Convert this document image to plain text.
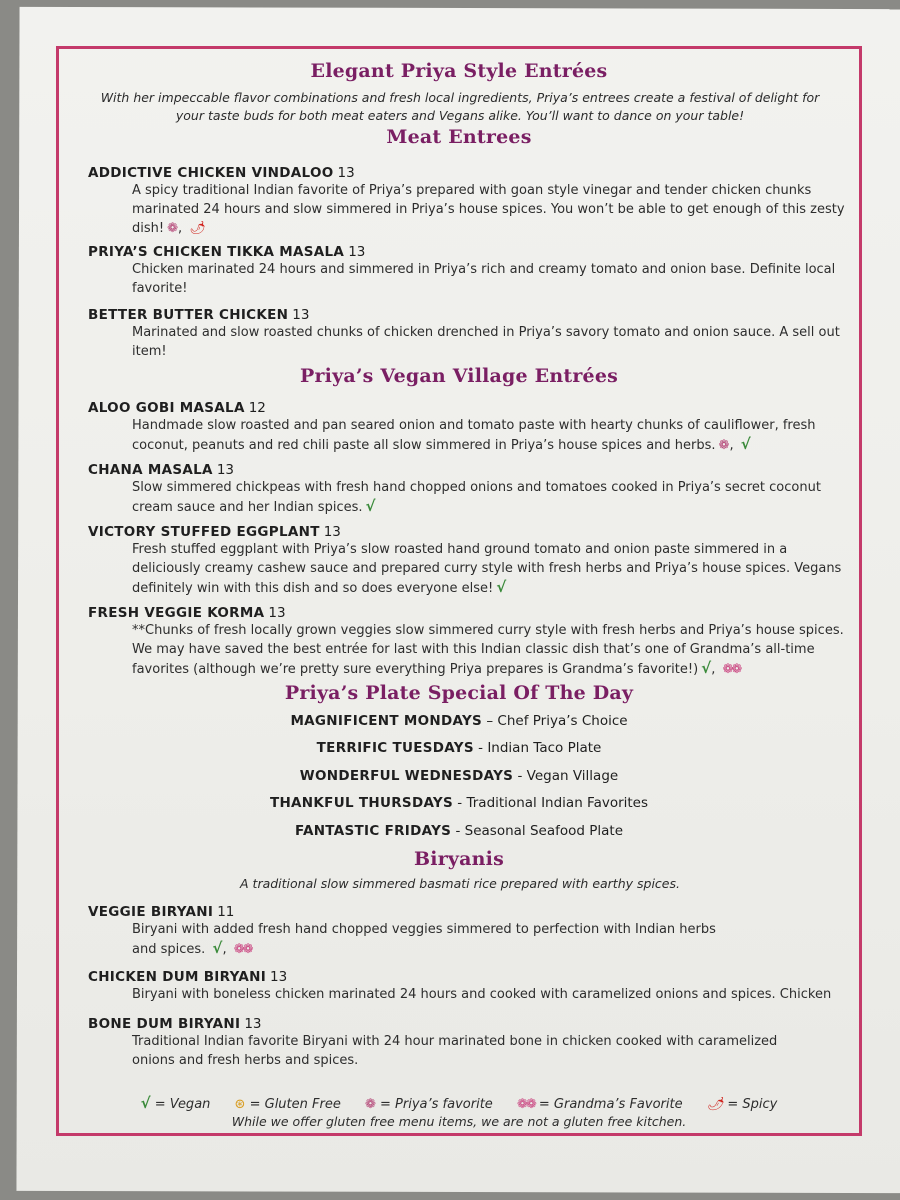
Elegant Priya Style Entrées
With her impeccable flavor combinations and fresh local ingredients, Priya’s entrees create a festival of delight for your taste buds for both meat eaters and Vegans alike. You’ll want to dance on your table!
Meat Entrees
ADDICTIVE CHICKEN VINDALOO 13
A spicy traditional Indian favorite of Priya’s prepared with goan style vinegar and tender chicken chunks marinated 24 hours and slow simmered in Priya’s house spices. You won’t be able to get enough of this zesty dish! ❁, 🌶
PRIYA’S CHICKEN TIKKA MASALA 13
Chicken marinated 24 hours and simmered in Priya’s rich and creamy tomato and onion base. Definite local favorite!
BETTER BUTTER CHICKEN 13
Marinated and slow roasted chunks of chicken drenched in Priya’s savory tomato and onion sauce. A sell out item!
Priya’s Vegan Village Entrées
ALOO GOBI MASALA 12
Handmade slow roasted and pan seared onion and tomato paste with hearty chunks of cauliflower, fresh coconut, peanuts and red chili paste all slow simmered in Priya’s house spices and herbs. ❁, √
CHANA MASALA 13
Slow simmered chickpeas with fresh hand chopped onions and tomatoes cooked in Priya’s secret coconut cream sauce and her Indian spices. √
VICTORY STUFFED EGGPLANT 13
Fresh stuffed eggplant with Priya’s slow roasted hand ground tomato and onion paste simmered in a deliciously creamy cashew sauce and prepared curry style with fresh herbs and Priya’s house spices. Vegans definitely win with this dish and so does everyone else! √
FRESH VEGGIE KORMA 13
**Chunks of fresh locally grown veggies slow simmered curry style with fresh herbs and Priya’s house spices. We may have saved the best entrée for last with this Indian classic dish that’s one of Grandma’s all-time favorites (although we’re pretty sure everything Priya prepares is Grandma’s favorite!) √, ❁❁
Priya’s Plate Special Of The Day
MAGNIFICENT MONDAYS – Chef Priya’s Choice
TERRIFIC TUESDAYS - Indian Taco Plate
WONDERFUL WEDNESDAYS - Vegan Village
THANKFUL THURSDAYS - Traditional Indian Favorites
FANTASTIC FRIDAYS - Seasonal Seafood Plate
Biryanis
A traditional slow simmered basmati rice prepared with earthy spices.
VEGGIE BIRYANI 11
Biryani with added fresh hand chopped veggies simmered to perfection with Indian herbs and spices. √, ❁❁
CHICKEN DUM BIRYANI 13
Biryani with boneless chicken marinated 24 hours and cooked with caramelized onions and spices. Chicken
BONE DUM BIRYANI 13
Traditional Indian favorite Biryani with 24 hour marinated bone in chicken cooked with caramelized onions and fresh herbs and spices.
√ = Vegan ⊛ = Gluten Free ❁ = Priya’s favorite ❁❁ = Grandma’s Favorite 🌶 = Spicy
While we offer gluten free menu items, we are not a gluten free kitchen.
